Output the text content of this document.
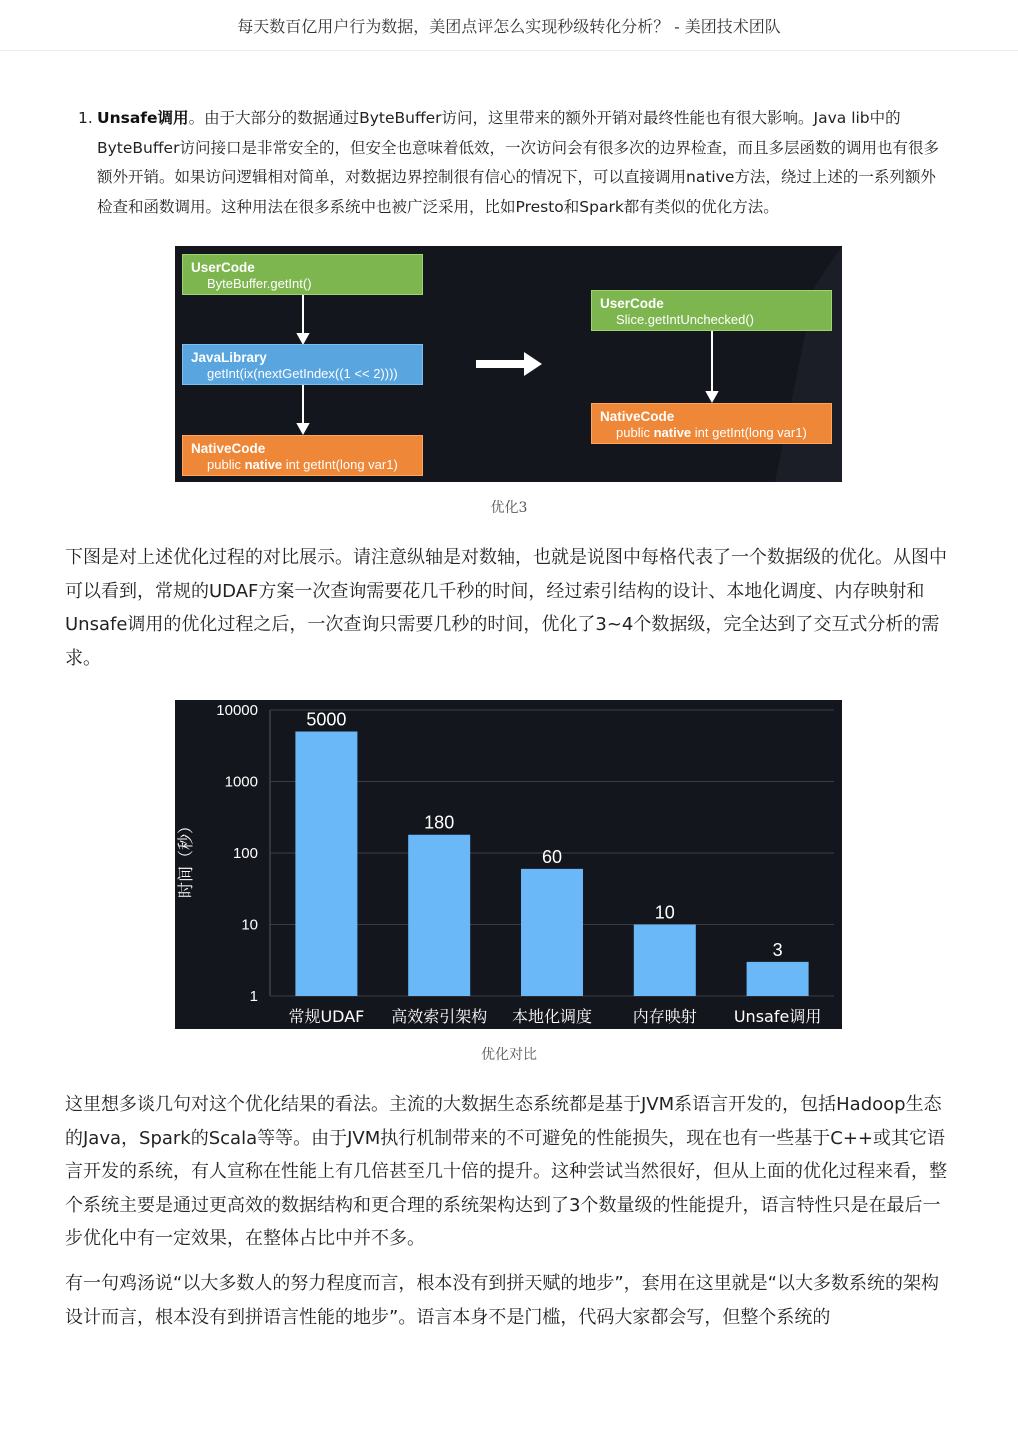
每天数百亿用户行为数据，美团点评怎么实现秒级转化分析？ - 美团技术团队
1. Unsafe调用。由于大部分的数据通过ByteBuffer访问，这里带来的额外开销对最终性能也有很大影响。Java lib中的ByteBuffer访问接口是非常安全的，但安全也意味着低效，一次访问会有很多次的边界检查，而且多层函数的调用也有很多额外开销。如果访问逻辑相对简单，对数据边界控制很有信心的情况下，可以直接调用native方法，绕过上述的一系列额外检查和函数调用。这种用法在很多系统中也被广泛采用，比如Presto和Spark都有类似的优化方法。
UserCode
ByteBuffer.getInt()
JavaLibrary
getInt(ix(nextGetIndex((1 << 2))))
NativeCode
public native int getInt(long var1)
UserCode
Slice.getIntUnchecked()
NativeCode
public native int getInt(long var1)
优化3
下图是对上述优化过程的对比展示。请注意纵轴是对数轴，也就是说图中每格代表了一个数据级的优化。从图中可以看到，常规的UDAF方案一次查询需要花几千秒的时间，经过索引结构的设计、本地化调度、内存映射和Unsafe调用的优化过程之后，一次查询只需要几秒的时间，优化了3~4个数据级，完全达到了交互式分析的需求。
1
10
100
1000
10000	5000
常规UDAF
180
高效索引架构
60
本地化调度
10
内存映射
3
Unsafe调用
时间（秒）
优化对比
这里想多谈几句对这个优化结果的看法。主流的大数据生态系统都是基于JVM系语言开发的，包括Hadoop生态的Java，Spark的Scala等等。由于JVM执行机制带来的不可避免的性能损失，现在也有一些基于C++或其它语言开发的系统，有人宣称在性能上有几倍甚至几十倍的提升。这种尝试当然很好，但从上面的优化过程来看，整个系统主要是通过更高效的数据结构和更合理的系统架构达到了3个数量级的性能提升，语言特性只是在最后一步优化中有一定效果，在整体占比中并不多。
有一句鸡汤说“以大多数人的努力程度而言，根本没有到拼天赋的地步”，套用在这里就是“以大多数系统的架构设计而言，根本没有到拼语言性能的地步”。语言本身不是门槛，代码大家都会写，但整个系统的
